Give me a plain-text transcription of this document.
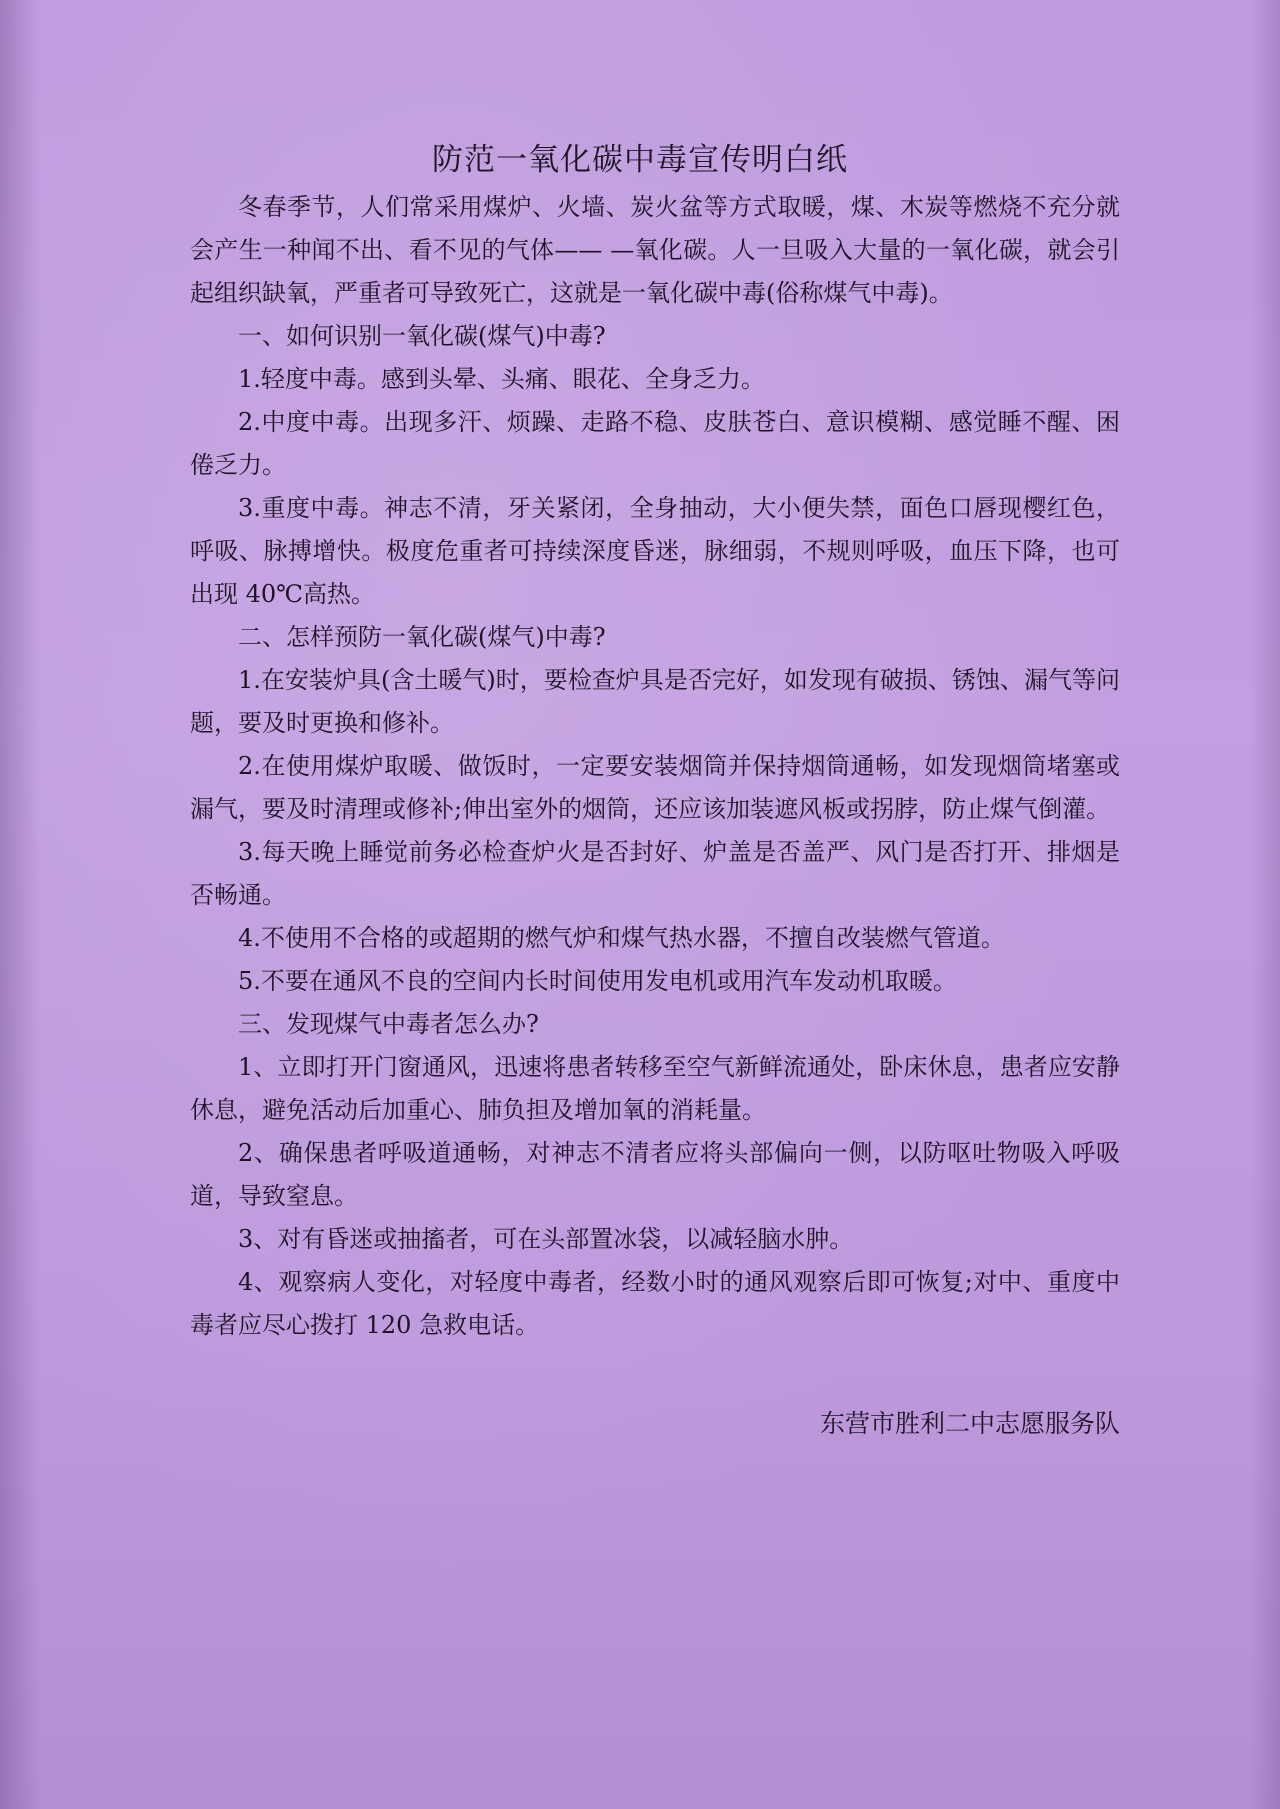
防范一氧化碳中毒宣传明白纸

冬春季节，人们常采用煤炉、火墙、炭火盆等方式取暖，煤、木炭等燃烧不充分就会产生一种闻不出、看不见的气体—— —氧化碳。人一旦吸入大量的一氧化碳，就会引起组织缺氧，严重者可导致死亡，这就是一氧化碳中毒(俗称煤气中毒)。

一、如何识别一氧化碳(煤气)中毒?

1.轻度中毒。感到头晕、头痛、眼花、全身乏力。

2.中度中毒。出现多汗、烦躁、走路不稳、皮肤苍白、意识模糊、感觉睡不醒、困倦乏力。

3.重度中毒。神志不清，牙关紧闭，全身抽动，大小便失禁，面色口唇现樱红色，呼吸、脉搏增快。极度危重者可持续深度昏迷，脉细弱，不规则呼吸，血压下降，也可出现 40℃高热。

二、怎样预防一氧化碳(煤气)中毒?

1.在安装炉具(含土暖气)时，要检查炉具是否完好，如发现有破损、锈蚀、漏气等问题，要及时更换和修补。

2.在使用煤炉取暖、做饭时，一定要安装烟筒并保持烟筒通畅，如发现烟筒堵塞或漏气，要及时清理或修补;伸出室外的烟筒，还应该加装遮风板或拐脖，防止煤气倒灌。

3.每天晚上睡觉前务必检查炉火是否封好、炉盖是否盖严、风门是否打开、排烟是否畅通。

4.不使用不合格的或超期的燃气炉和煤气热水器，不擅自改装燃气管道。

5.不要在通风不良的空间内长时间使用发电机或用汽车发动机取暖。

三、发现煤气中毒者怎么办?

1、立即打开门窗通风，迅速将患者转移至空气新鲜流通处，卧床休息，患者应安静休息，避免活动后加重心、肺负担及增加氧的消耗量。

2、确保患者呼吸道通畅，对神志不清者应将头部偏向一侧，以防呕吐物吸入呼吸道，导致窒息。

3、对有昏迷或抽搐者，可在头部置冰袋，以减轻脑水肿。

4、观察病人变化，对轻度中毒者，经数小时的通风观察后即可恢复;对中、重度中毒者应尽心拨打 120 急救电话。

东营市胜利二中志愿服务队
